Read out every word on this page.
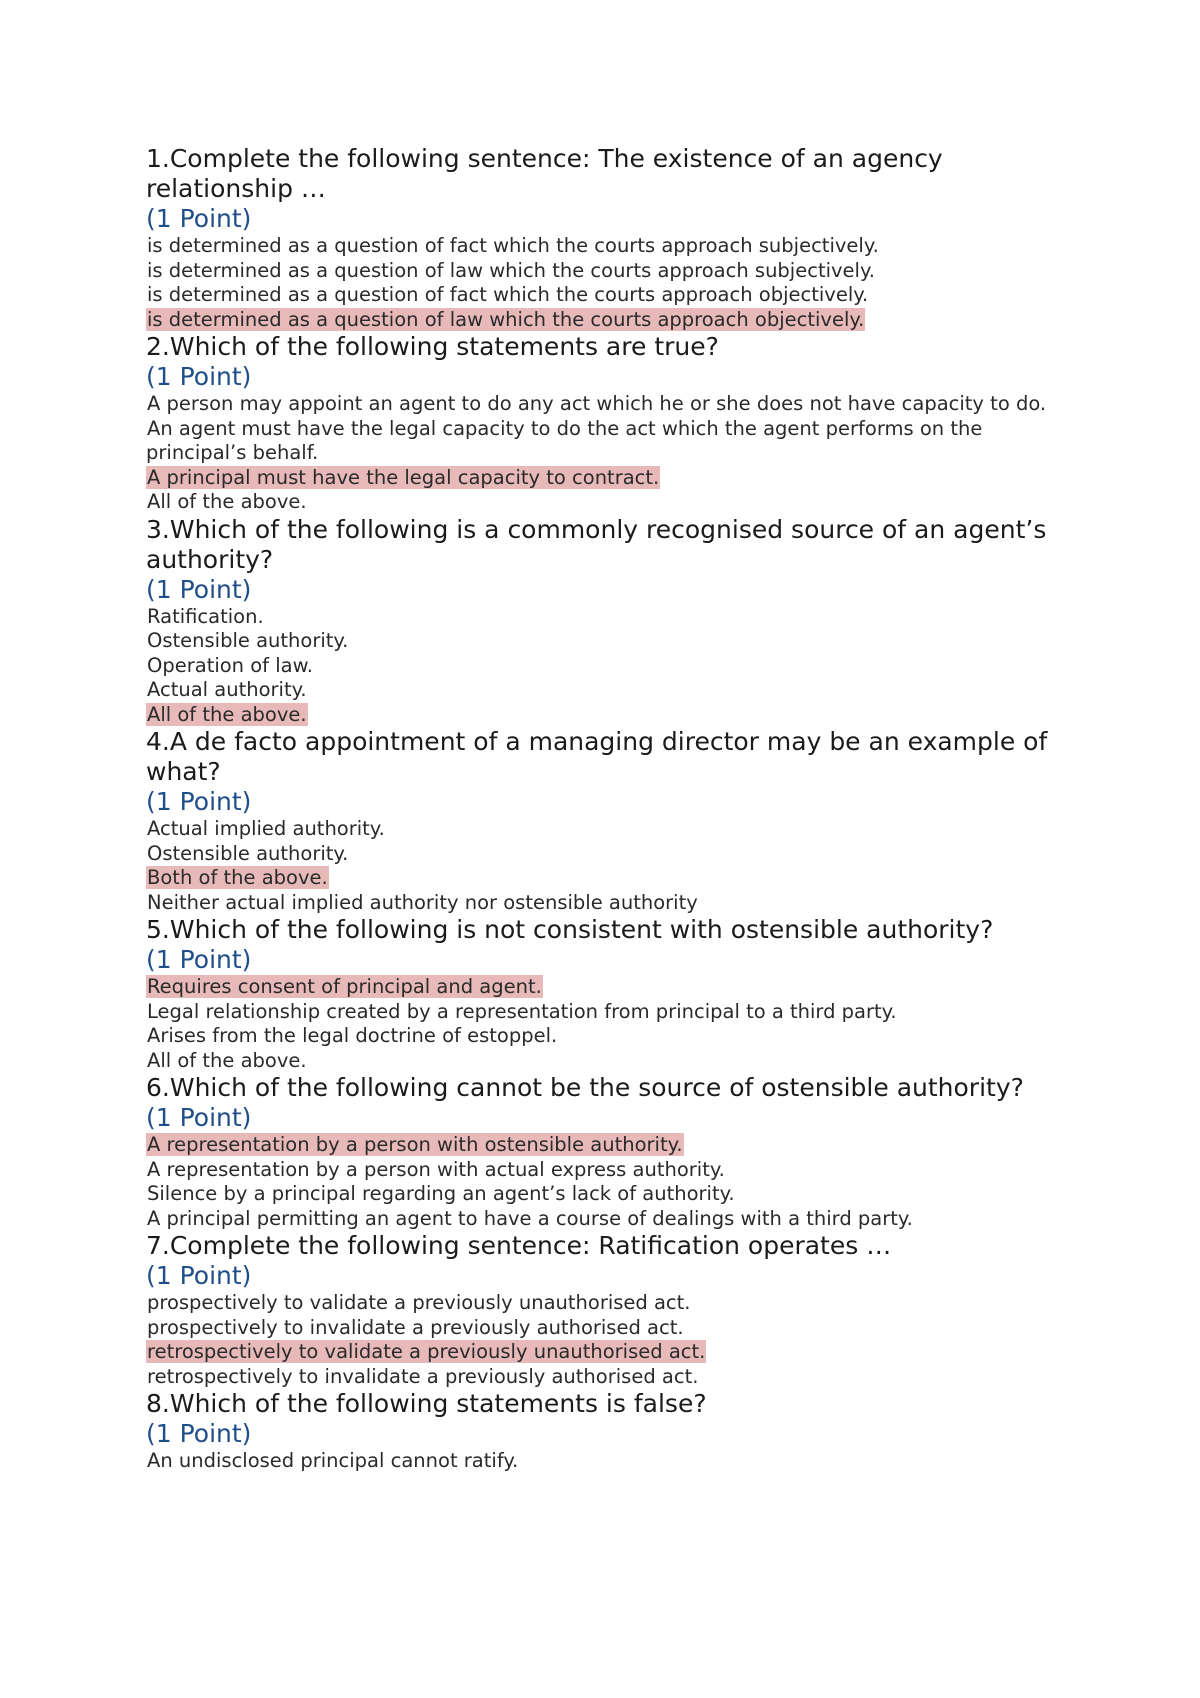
1.Complete the following sentence: The existence of an agency relationship …
(1 Point)
is determined as a question of fact which the courts approach subjectively.
is determined as a question of law which the courts approach subjectively.
is determined as a question of fact which the courts approach objectively.
is determined as a question of law which the courts approach objectively.
2.Which of the following statements are true?
(1 Point)
A person may appoint an agent to do any act which he or she does not have capacity to do.
An agent must have the legal capacity to do the act which the agent performs on the principal’s behalf.
A principal must have the legal capacity to contract.
All of the above.
3.Which of the following is a commonly recognised source of an agent’s authority?
(1 Point)
Ratification.
Ostensible authority.
Operation of law.
Actual authority.
All of the above.
4.A de facto appointment of a managing director may be an example of what?
(1 Point)
Actual implied authority.
Ostensible authority.
Both of the above.
Neither actual implied authority nor ostensible authority
5.Which of the following is not consistent with ostensible authority?
(1 Point)
Requires consent of principal and agent.
Legal relationship created by a representation from principal to a third party.
Arises from the legal doctrine of estoppel.
All of the above.
6.Which of the following cannot be the source of ostensible authority?
(1 Point)
A representation by a person with ostensible authority.
A representation by a person with actual express authority.
Silence by a principal regarding an agent’s lack of authority.
A principal permitting an agent to have a course of dealings with a third party.
7.Complete the following sentence: Ratification operates …
(1 Point)
prospectively to validate a previously unauthorised act.
prospectively to invalidate a previously authorised act.
retrospectively to validate a previously unauthorised act.
retrospectively to invalidate a previously authorised act.
8.Which of the following statements is false?
(1 Point)
An undisclosed principal cannot ratify.
